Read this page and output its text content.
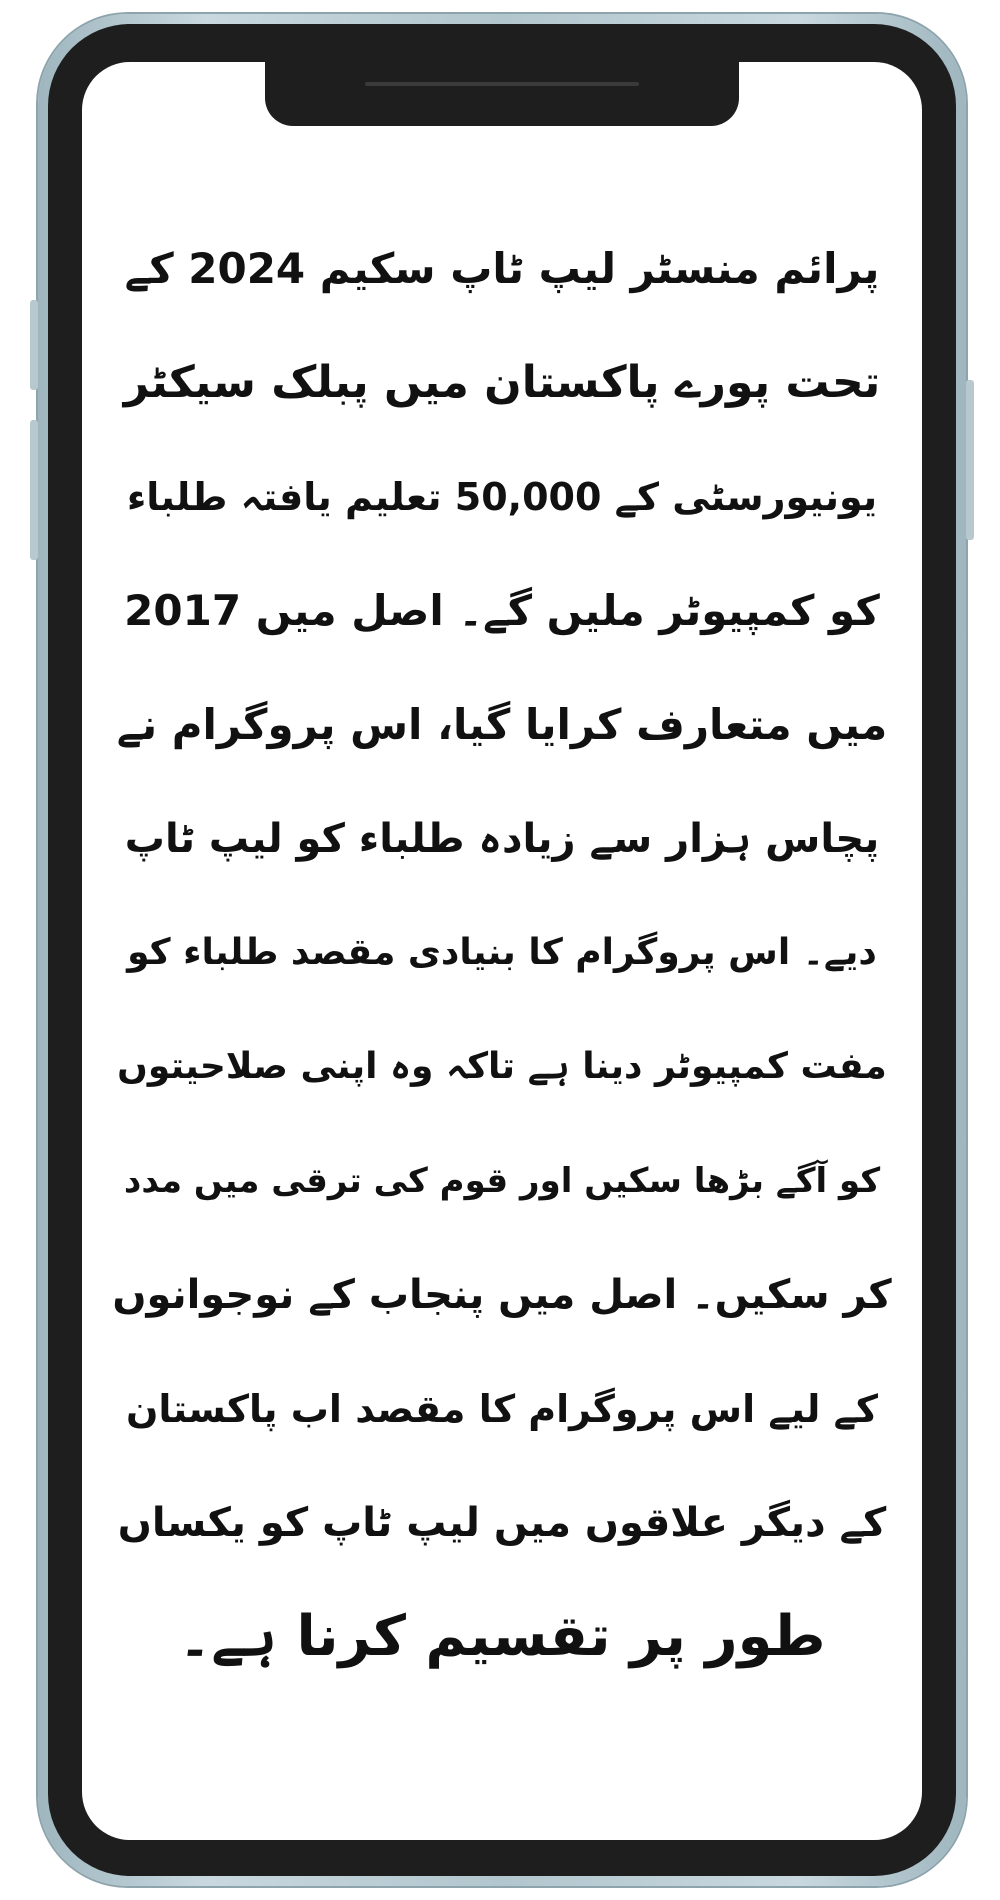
پرائم منسٹر لیپ ٹاپ سکیم 2024 کے
تحت پورے پاکستان میں پبلک سیکٹر
یونیورسٹی کے 50,000 تعلیم یافتہ طلباء
کو کمپیوٹر ملیں گے۔ اصل میں 2017
میں متعارف کرایا گیا، اس پروگرام نے
پچاس ہزار سے زیادہ طلباء کو لیپ ٹاپ
دیے۔ اس پروگرام کا بنیادی مقصد طلباء کو
مفت کمپیوٹر دینا ہے تاکہ وہ اپنی صلاحیتوں
کو آگے بڑھا سکیں اور قوم کی ترقی میں مدد
کر سکیں۔ اصل میں پنجاب کے نوجوانوں
کے لیے اس پروگرام کا مقصد اب پاکستان
کے دیگر علاقوں میں لیپ ٹاپ کو یکساں
طور پر تقسیم کرنا ہے۔
